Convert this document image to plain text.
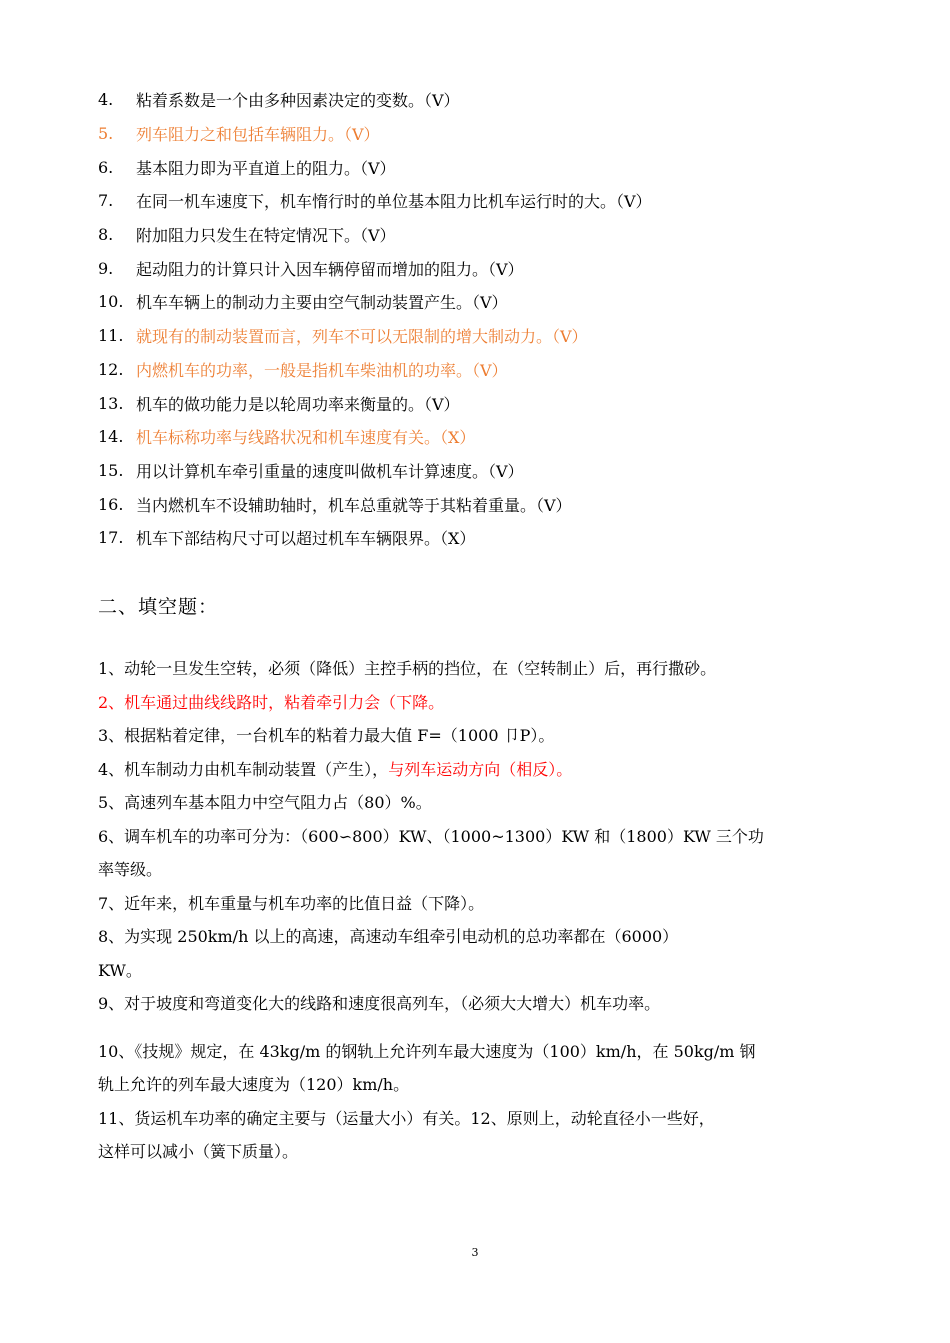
4.	粘着系数是一个由多种因素决定的变数。（V）
5.	列车阻力之和包括车辆阻力。（V）
6.	基本阻力即为平直道上的阻力。（V）
7.	在同一机车速度下，机车惰行时的单位基本阻力比机车运行时的大。（V）
8.	附加阻力只发生在特定情况下。（V）
9.	起动阻力的计算只计入因车辆停留而增加的阻力。（V）
10. 机车车辆上的制动力主要由空气制动装置产生。（V）
11. 就现有的制动装置而言，列车不可以无限制的增大制动力。（V）
12. 内燃机车的功率，一般是指机车柴油机的功率。（V）
13. 机车的做功能力是以轮周功率来衡量的。（V）
14. 机车标称功率与线路状况和机车速度有关。（X）
15. 用以计算机车牵引重量的速度叫做机车计算速度。（V）
16. 当内燃机车不设辅助轴时，机车总重就等于其粘着重量。（V）
17. 机车下部结构尺寸可以超过机车车辆限界。（X）
二、填空题：
1、动轮一旦发生空转，必须（降低）主控手柄的挡位，在（空转制止）后，再行撒砂。
2、机车通过曲线线路时，粘着牵引力会（下降。
3、根据粘着定律，一台机车的粘着力最大值 F=（1000 卩P）。
4、机车制动力由机车制动装置（产生），与列车运动方向（相反）。
5、高速列车基本阻力中空气阻力占（80）%。
6、调车机车的功率可分为：（600∽800）KW、（1000~1300）KW 和（1800）KW 三个功
率等级。
7、近年来，机车重量与机车功率的比值日益（下降）。
8、为实现 250km/h 以上的高速，高速动车组牵引电动机的总功率都在（6000）
KW。
9、对于坡度和弯道变化大的线路和速度很高列车，（必须大大增大）机车功率。
10、《技规》规定，在 43kg/m 的钢轨上允许列车最大速度为（100）km/h，在 50kg/m 钢
轨上允许的列车最大速度为（120）km/h。
11、货运机车功率的确定主要与（运量大小）有关。12、原则上，动轮直径小一些好，
这样可以减小（簧下质量）。
3
